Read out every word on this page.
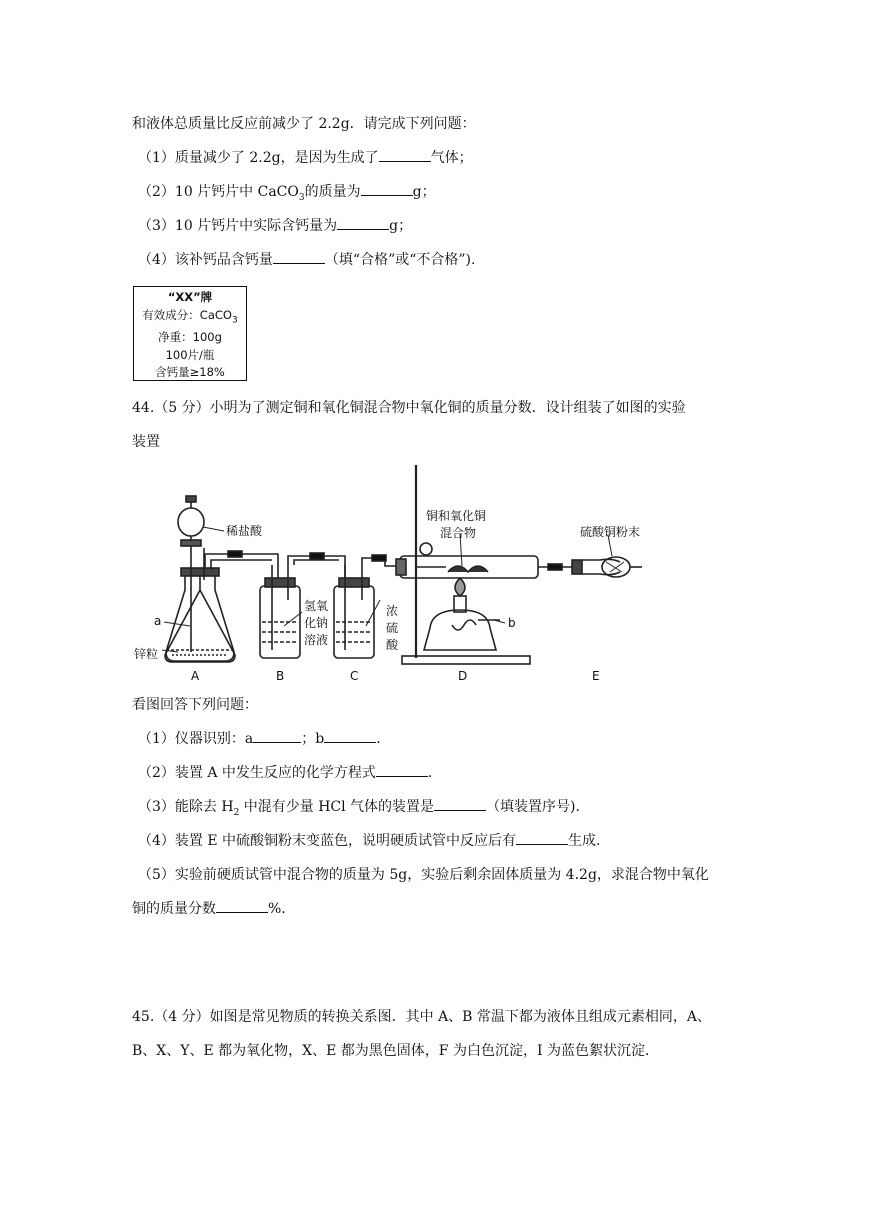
和液体总质量比反应前减少了 2.2g．请完成下列问题：
（1）质量减少了 2.2g，是因为生成了	气体；
（2）10 片钙片中 CaCO$_3$的质量为	g；
（3）10 片钙片中实际含钙量为	g；
（4）该补钙品含钙量	（填“合格”或“不合格”).
“XX”牌
有效成分：CaCO$_3$
净重：100g
100片/瓶
含钙量≥18%
44.（5 分）小明为了测定铜和氧化铜混合物中氧化铜的质量分数．设计组装了如图的实验
装置
稀盐酸
锌粒
a	b
氢氧
化钠
溶液
浓
硫
酸
铜和氧化铜
混合物	硫酸铜粉末
A	B	C	D	E
看图回答下列问题：
（1）仪器识别：a	；b	.
（2）装置 A 中发生反应的化学方程式	.
（3）能除去 $H_2$ 中混有少量 HCl 气体的装置是	（填装置序号).
（4）装置 E 中硫酸铜粉末变蓝色，说明硬质试管中反应后有	生成.
（5）实验前硬质试管中混合物的质量为 5g，实验后剩余固体质量为 4.2g，求混合物中氧化
铜的质量分数	%.
45.（4 分）如图是常见物质的转换关系图．其中 A、B 常温下都为液体且组成元素相同，A、
B、X、Y、E 都为氧化物，X、E 都为黑色固体，F 为白色沉淀，I 为蓝色絮状沉淀．
